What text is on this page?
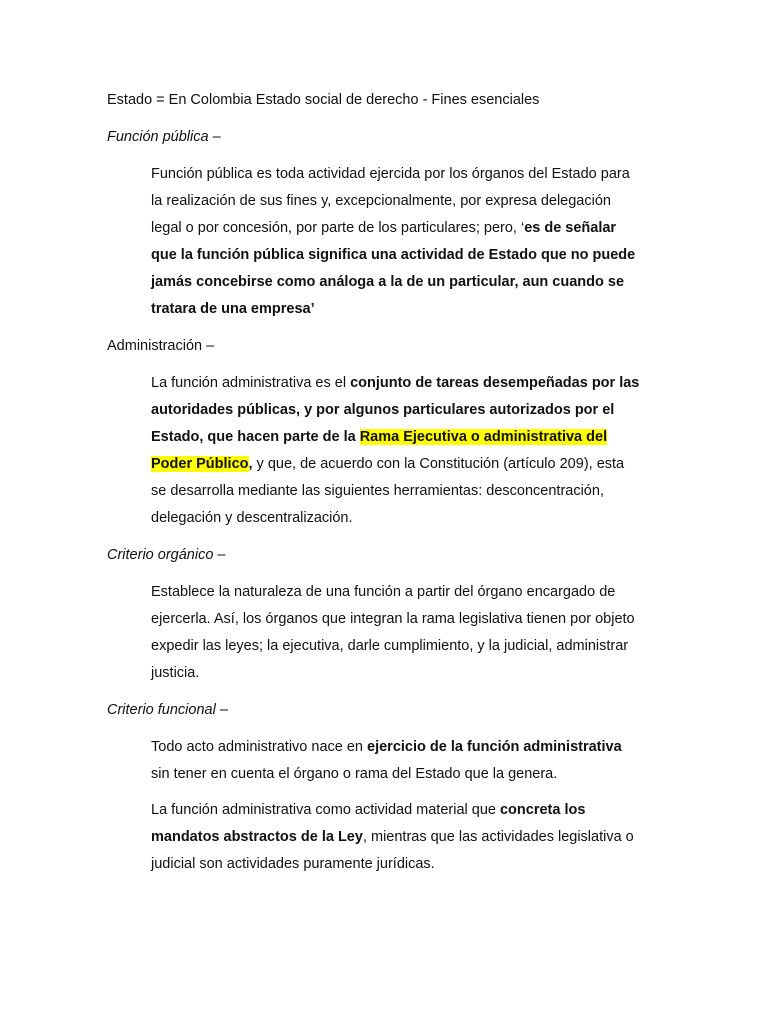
Estado = En Colombia Estado social de derecho - Fines esenciales
Función pública –
Función pública es toda actividad ejercida por los órganos del Estado para
la realización de sus fines y, excepcionalmente, por expresa delegación
legal o por concesión, por parte de los particulares; pero, ‘es de señalar
que la función pública significa una actividad de Estado que no puede
jamás concebirse como análoga a la de un particular, aun cuando se
tratara de una empresa’
Administración –
La función administrativa es el conjunto de tareas desempeñadas por las
autoridades públicas, y por algunos particulares autorizados por el
Estado, que hacen parte de la Rama Ejecutiva o administrativa del
Poder Público, y que, de acuerdo con la Constitución (artículo 209), esta
se desarrolla mediante las siguientes herramientas: desconcentración,
delegación y descentralización.
Criterio orgánico –
Establece la naturaleza de una función a partir del órgano encargado de
ejercerla. Así, los órganos que integran la rama legislativa tienen por objeto
expedir las leyes; la ejecutiva, darle cumplimiento, y la judicial, administrar
justicia.
Criterio funcional –
Todo acto administrativo nace en ejercicio de la función administrativa
sin tener en cuenta el órgano o rama del Estado que la genera.
La función administrativa como actividad material que concreta los
mandatos abstractos de la Ley, mientras que las actividades legislativa o
judicial son actividades puramente jurídicas.
